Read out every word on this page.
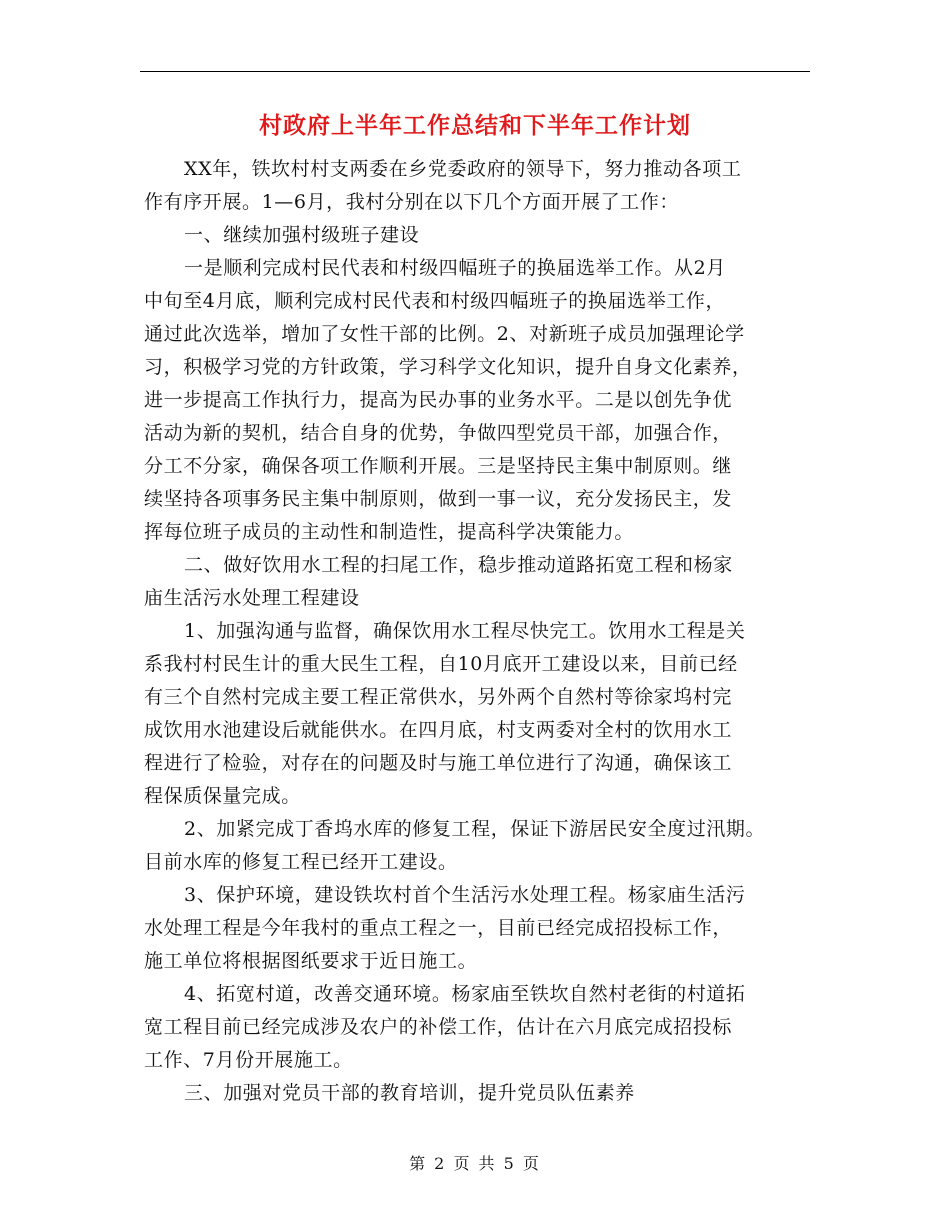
村政府上半年工作总结和下半年工作计划
XX年，铁坎村村支两委在乡党委政府的领导下，努力推动各项工
作有序开展。1—6月，我村分别在以下几个方面开展了工作：
一、继续加强村级班子建设
一是顺利完成村民代表和村级四幅班子的换届选举工作。从2月
中旬至4月底，顺利完成村民代表和村级四幅班子的换届选举工作，
通过此次选举，增加了女性干部的比例。2、对新班子成员加强理论学
习，积极学习党的方针政策，学习科学文化知识，提升自身文化素养，
进一步提高工作执行力，提高为民办事的业务水平。二是以创先争优
活动为新的契机，结合自身的优势，争做四型党员干部，加强合作，
分工不分家，确保各项工作顺利开展。三是坚持民主集中制原则。继
续坚持各项事务民主集中制原则，做到一事一议，充分发扬民主，发
挥每位班子成员的主动性和制造性，提高科学决策能力。
二、做好饮用水工程的扫尾工作，稳步推动道路拓宽工程和杨家
庙生活污水处理工程建设
1、加强沟通与监督，确保饮用水工程尽快完工。饮用水工程是关
系我村村民生计的重大民生工程，自10月底开工建设以来，目前已经
有三个自然村完成主要工程正常供水，另外两个自然村等徐家坞村完
成饮用水池建设后就能供水。在四月底，村支两委对全村的饮用水工
程进行了检验，对存在的问题及时与施工单位进行了沟通，确保该工
程保质保量完成。
2、加紧完成丁香坞水库的修复工程，保证下游居民安全度过汛期。
目前水库的修复工程已经开工建设。
3、保护环境，建设铁坎村首个生活污水处理工程。杨家庙生活污
水处理工程是今年我村的重点工程之一，目前已经完成招投标工作，
施工单位将根据图纸要求于近日施工。
4、拓宽村道，改善交通环境。杨家庙至铁坎自然村老街的村道拓
宽工程目前已经完成涉及农户的补偿工作，估计在六月底完成招投标
工作、7月份开展施工。
三、加强对党员干部的教育培训，提升党员队伍素养
第 2 页 共 5 页
